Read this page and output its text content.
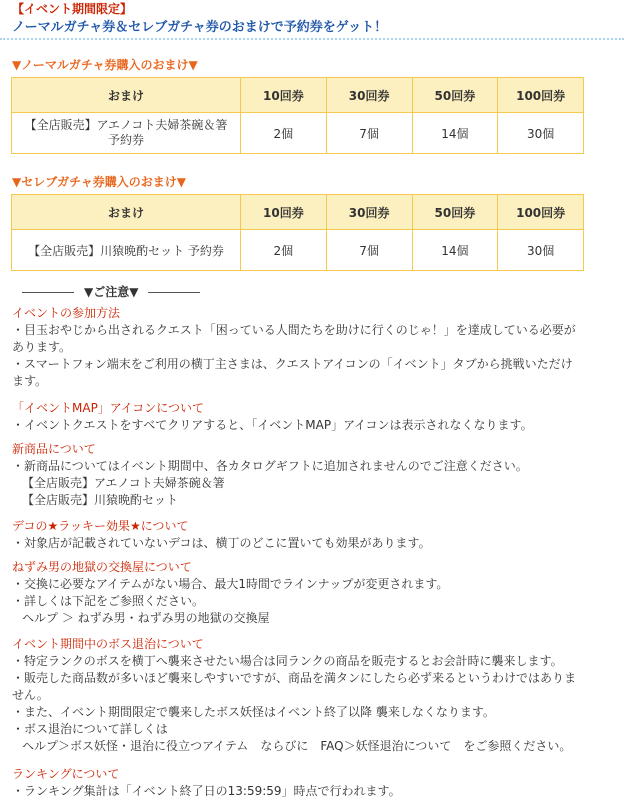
【イベント期間限定】
ノーマルガチャ券＆セレブガチャ券のおまけで予約券をゲット！
▼ノーマルガチャ券購入のおまけ▼
おまけ	10回券	30回券	50回券	100回券
【全店販売】アエノコト夫婦茶碗＆箸
予約券	2個	7個	14個	30個
▼セレブガチャ券購入のおまけ▼
おまけ	10回券	30回券	50回券	100回券
【全店販売】川猿晩酌セット 予約券	2個	7個	14個	30個
▼ご注意▼
イベントの参加方法

・目玉おやじから出されるクエスト「困っている人間たちを助けに行くのじゃ！」を達成している必要が

あります。

・スマートフォン端末をご利用の横丁主さまは、クエストアイコンの「イベント」タブから挑戦いただけ

ます。

「イベントMAP」アイコンについて

・イベントクエストをすべてクリアすると、「イベントMAP」アイコンは表示されなくなります。

新商品について

・新商品についてはイベント期間中、各カタログギフトに追加されませんのでご注意ください。

【全店販売】アエノコト夫婦茶碗＆箸

【全店販売】川猿晩酌セット

デコの★ラッキー効果★について

・対象店が記載されていないデコは、横丁のどこに置いても効果があります。

ねずみ男の地獄の交換屋について

・交換に必要なアイテムがない場合、最大1時間でラインナップが変更されます。

・詳しくは下記をご参照ください。

ヘルプ ＞ ねずみ男・ねずみ男の地獄の交換屋

イベント期間中のボス退治について

・特定ランクのボスを横丁へ襲来させたい場合は同ランクの商品を販売するとお会計時に襲来します。

・販売した商品数が多いほど襲来しやすいですが、商品を満タンにしたら必ず来るというわけではありま

せん。

・また、イベント期間限定で襲来したボス妖怪はイベント終了以降 襲来しなくなります。

・ボス退治について詳しくは

ヘルプ＞ボス妖怪・退治に役立つアイテム　ならびに　FAQ＞妖怪退治について　をご参照ください。

ランキングについて

・ランキング集計は「イベント終了日の13:59:59」時点で行われます。
